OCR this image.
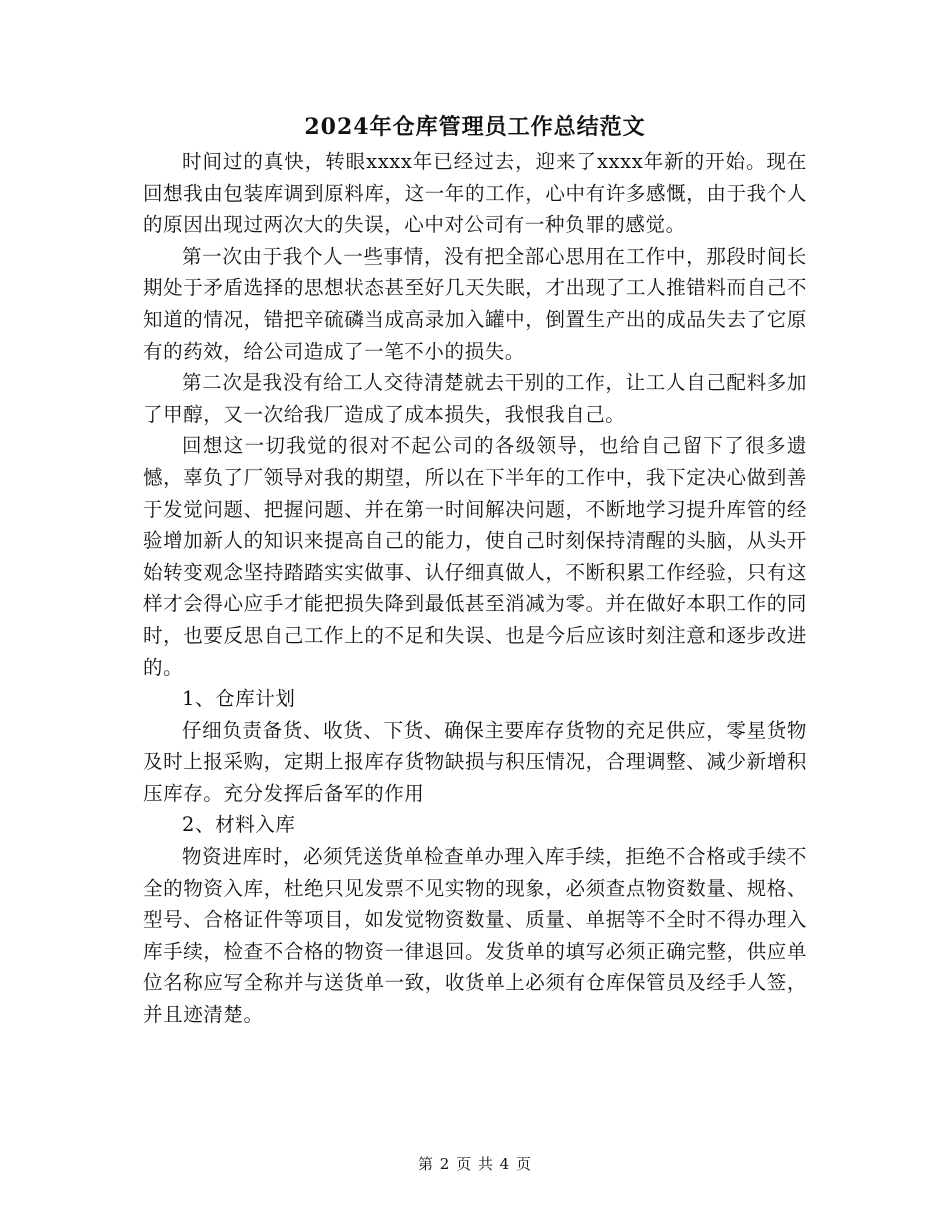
2024年仓库管理员工作总结范文

时间过的真快，转眼xxxx年已经过去，迎来了xxxx年新的开始。现在回想我由包装库调到原料库，这一年的工作，心中有许多感慨，由于我个人的原因出现过两次大的失误，心中对公司有一种负罪的感觉。

第一次由于我个人一些事情，没有把全部心思用在工作中，那段时间长期处于矛盾选择的思想状态甚至好几天失眠，才出现了工人推错料而自己不知道的情况，错把辛硫磷当成高录加入罐中，倒置生产出的成品失去了它原有的药效，给公司造成了一笔不小的损失。

第二次是我没有给工人交待清楚就去干别的工作，让工人自己配料多加了甲醇，又一次给我厂造成了成本损失，我恨我自己。

回想这一切我觉的很对不起公司的各级领导，也给自己留下了很多遗憾，辜负了厂领导对我的期望，所以在下半年的工作中，我下定决心做到善于发觉问题、把握问题、并在第一时间解决问题，不断地学习提升库管的经验增加新人的知识来提高自己的能力，使自己时刻保持清醒的头脑，从头开始转变观念坚持踏踏实实做事、认仔细真做人，不断积累工作经验，只有这样才会得心应手才能把损失降到最低甚至消减为零。并在做好本职工作的同时，也要反思自己工作上的不足和失误、也是今后应该时刻注意和逐步改进的。

1、仓库计划

仔细负责备货、收货、下货、确保主要库存货物的充足供应，零星货物及时上报采购，定期上报库存货物缺损与积压情况，合理调整、减少新增积压库存。充分发挥后备军的作用

2、材料入库

物资进库时，必须凭送货单检查单办理入库手续，拒绝不合格或手续不全的物资入库，杜绝只见发票不见实物的现象，必须查点物资数量、规格、型号、合格证件等项目，如发觉物资数量、质量、单据等不全时不得办理入库手续，检查不合格的物资一律退回。发货单的填写必须正确完整，供应单位名称应写全称并与送货单一致，收货单上必须有仓库保管员及经手人签，并且迹清楚。

第 2 页 共 4 页
